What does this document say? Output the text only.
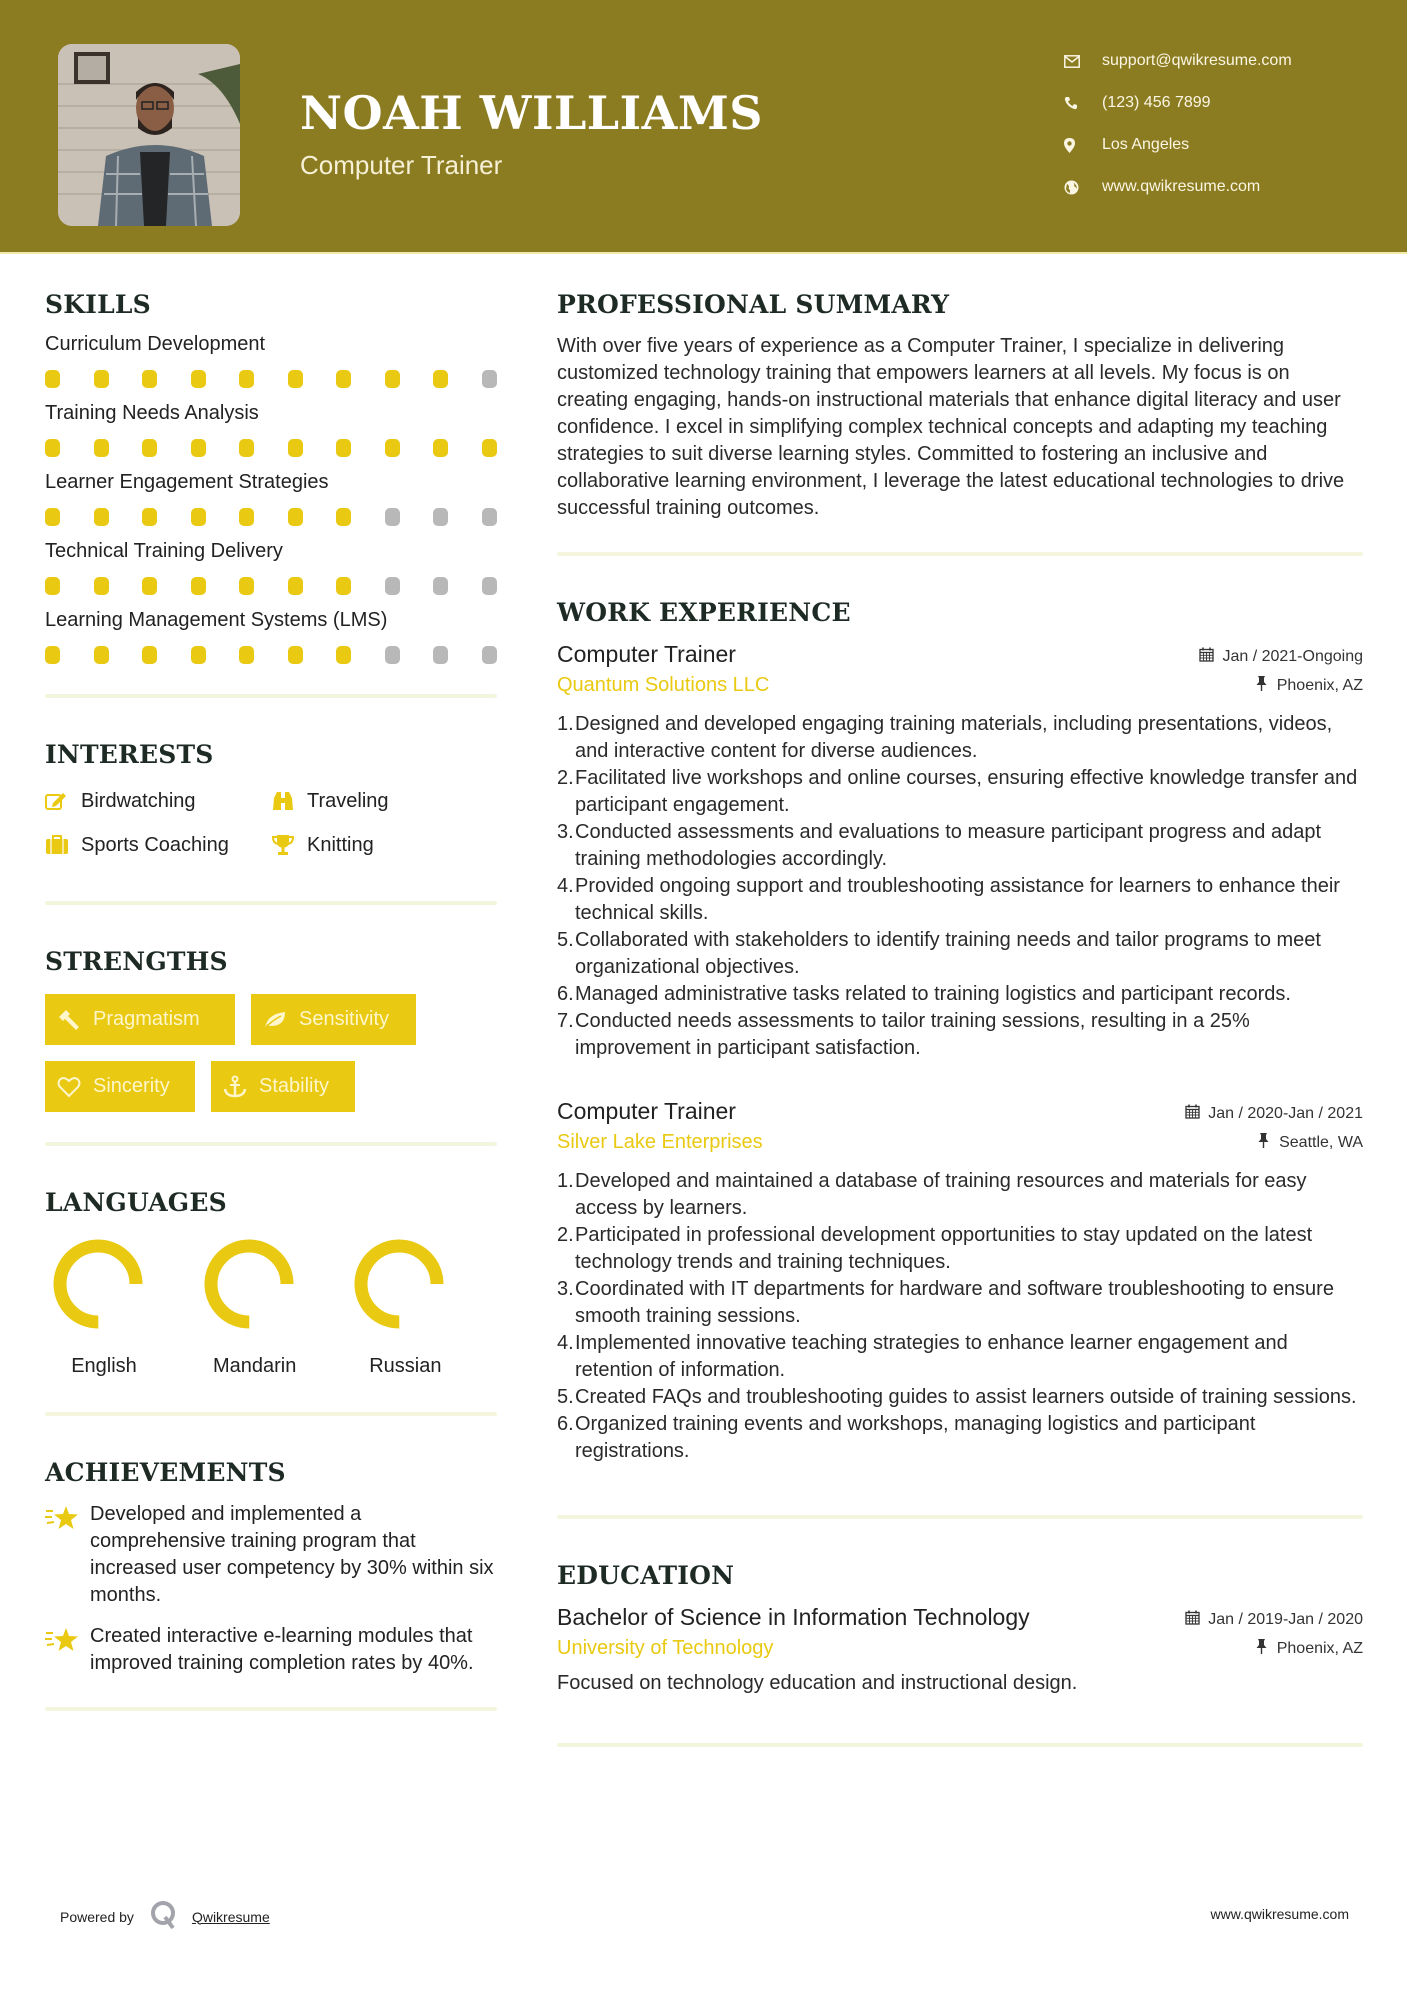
NOAH WILLIAMS
Computer Trainer
support@qwikresume.com
(123) 456 7899
Los Angeles
www.qwikresume.com
SKILLS
Curriculum Development
Training Needs Analysis
Learner Engagement Strategies
Technical Training Delivery
Learning Management Systems (LMS)
INTERESTS
Birdwatching	Traveling
Sports Coaching	Knitting
STRENGTHS
Pragmatism	Sensitivity
Sincerity	Stability
LANGUAGES
English	Mandarin	Russian
ACHIEVEMENTS
Developed and implemented a comprehensive training program that increased user competency by 30% within six months.
Created interactive e-learning modules that improved training completion rates by 40%.
PROFESSIONAL SUMMARY

With over five years of experience as a Computer Trainer, I specialize in delivering customized technology training that empowers learners at all levels. My focus is on creating engaging, hands-on instructional materials that enhance digital literacy and user confidence. I excel in simplifying complex technical concepts and adapting my teaching strategies to suit diverse learning styles. Committed to fostering an inclusive and collaborative learning environment, I leverage the latest educational technologies to drive successful training outcomes.

WORK EXPERIENCE
Computer Trainer	Jan / 2021-Ongoing
Quantum Solutions LLC	Phoenix, AZ
1. Designed and developed engaging training materials, including presentations, videos, and interactive content for diverse audiences.
2. Facilitated live workshops and online courses, ensuring effective knowledge transfer and participant engagement.
3. Conducted assessments and evaluations to measure participant progress and adapt training methodologies accordingly.
4. Provided ongoing support and troubleshooting assistance for learners to enhance their technical skills.
5. Collaborated with stakeholders to identify training needs and tailor programs to meet organizational objectives.
6. Managed administrative tasks related to training logistics and participant records.
7. Conducted needs assessments to tailor training sessions, resulting in a 25% improvement in participant satisfaction.
Computer Trainer	Jan / 2020-Jan / 2021
Silver Lake Enterprises	Seattle, WA
1. Developed and maintained a database of training resources and materials for easy access by learners.
2. Participated in professional development opportunities to stay updated on the latest technology trends and training techniques.
3. Coordinated with IT departments for hardware and software troubleshooting to ensure smooth training sessions.
4. Implemented innovative teaching strategies to enhance learner engagement and retention of information.
5. Created FAQs and troubleshooting guides to assist learners outside of training sessions.
6. Organized training events and workshops, managing logistics and participant registrations.
EDUCATION
Bachelor of Science in Information Technology	Jan / 2019-Jan / 2020
University of Technology	Phoenix, AZ

Focused on technology education and instructional design.

Powered by	Qwikresume	www.qwikresume.com
